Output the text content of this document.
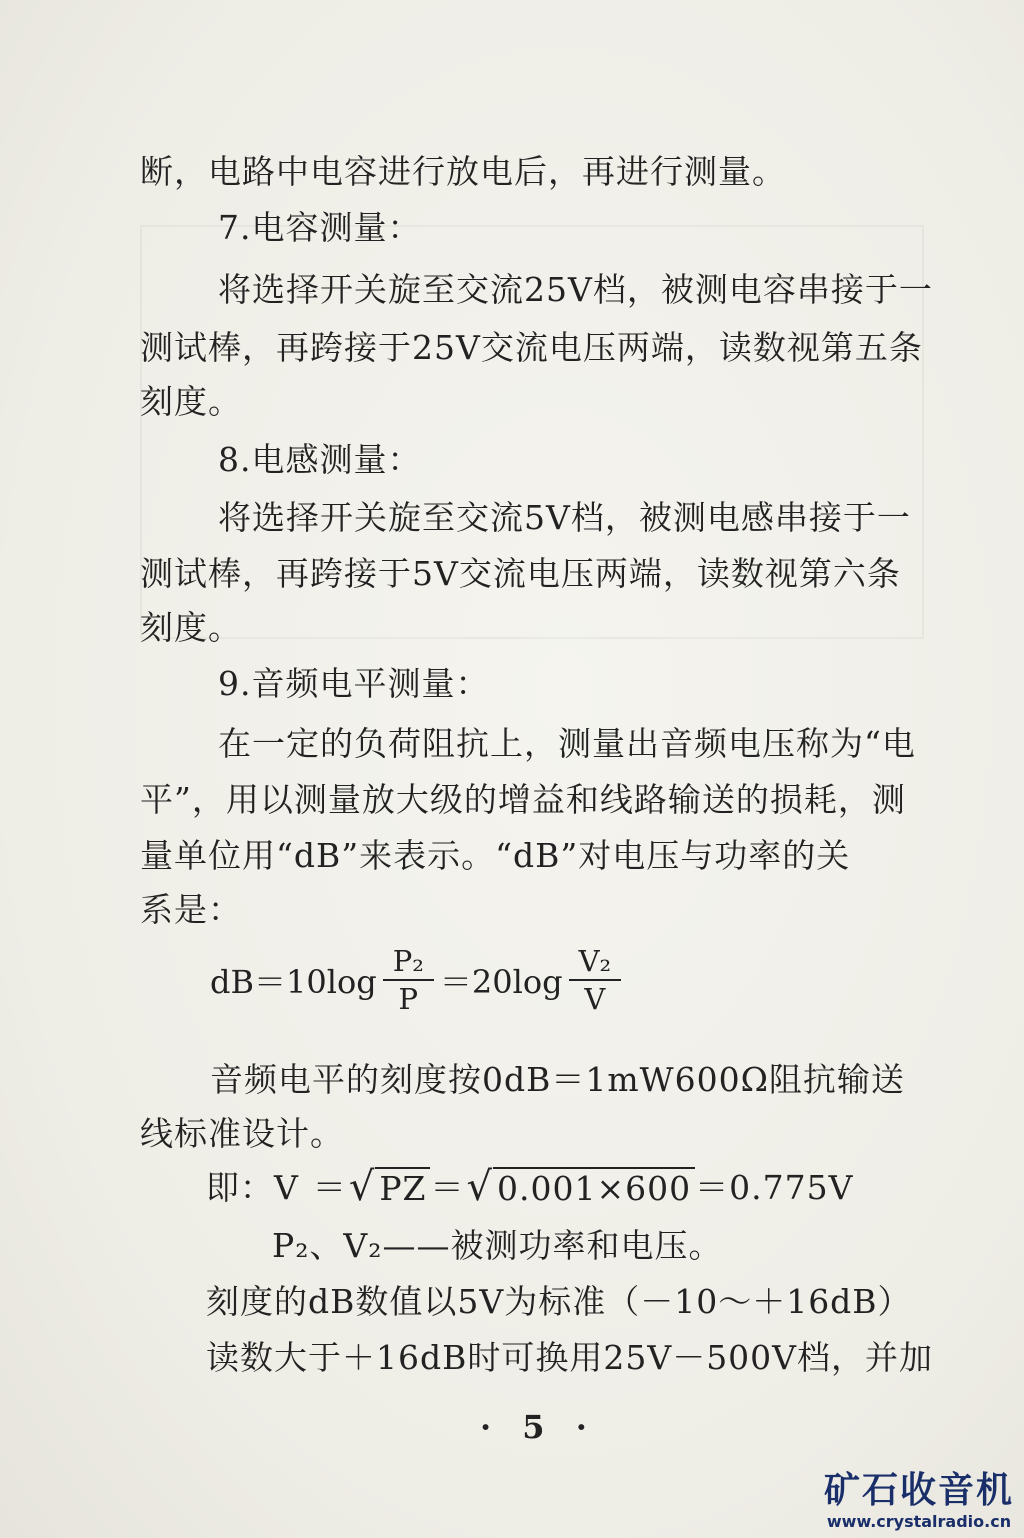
断，电路中电容进行放电后，再进行测量。
7.电容测量：
将选择开关旋至交流25V档，被测电容串接于一
测试棒，再跨接于25V交流电压两端，读数视第五条
刻度。
8.电感测量：
将选择开关旋至交流5V档，被测电感串接于一
测试棒，再跨接于5V交流电压两端，读数视第六条
刻度。
9.音频电平测量：
在一定的负荷阻抗上，测量出音频电压称为“电
平”，用以测量放大级的增益和线路输送的损耗，测
量单位用“dB”来表示。“dB”对电压与功率的关
系是：
$dB=10\log \frac{\text{P₂}}{P} =20\log \frac{\text{V₂}}{V}$
音频电平的刻度按0dB＝1mW600Ω阻抗输送
线标准设计。
即：V ＝ √ PZ ＝ √ 0.001×600 ＝0.775V
P₂、V₂——被测功率和电压。
刻度的dB数值以5V为标准（－10～＋16dB）
读数大于＋16dB时可换用25V－500V档，并加
· 5 ·
矿石收音机
www.crystalradio.cn
